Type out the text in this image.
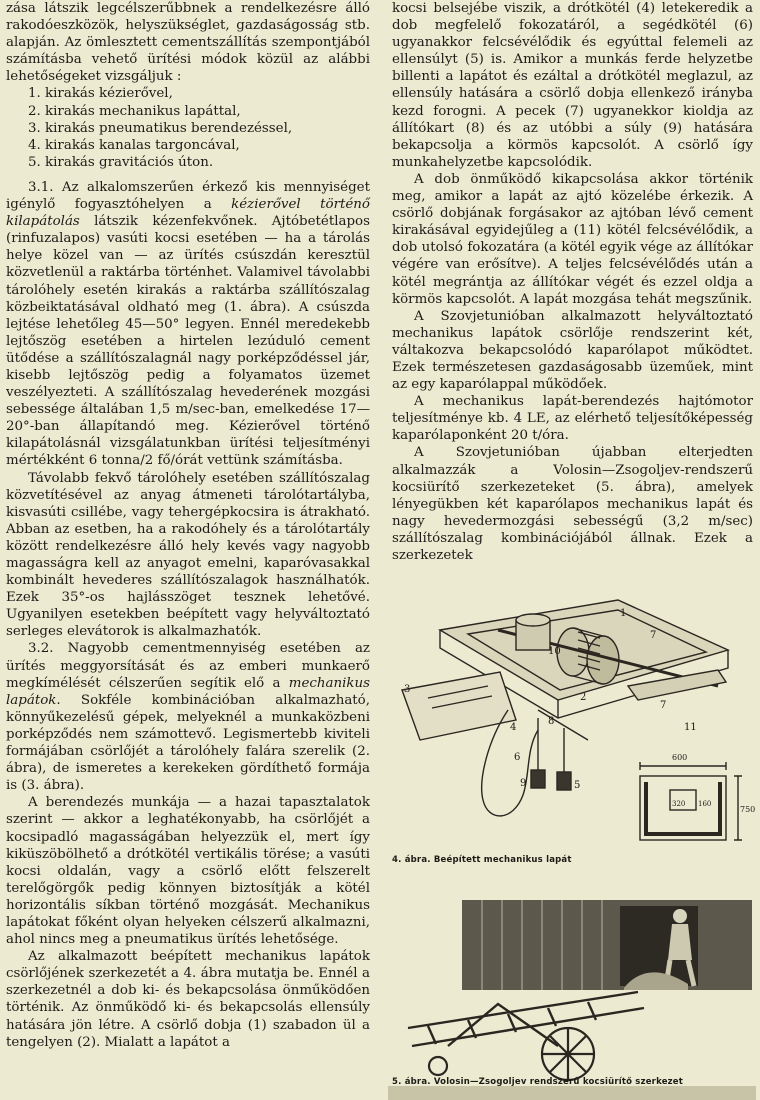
zása látszik legcélszerűbbnek a rendelkezésre álló rakodóeszközök, helyszükséglet, gazdaságosság stb. alapján. Az ömlesztett cementszállítás szempontjából számításba vehető ürítési módok közül az alábbi lehetőségeket vizsgáljuk :

1. kirakás kézierővel,
2. kirakás mechanikus lapáttal,
3. kirakás pneumatikus berendezéssel,
4. kirakás kanalas targoncával,
5. kirakás gravitációs úton.

3.1. Az alkalomszerűen érkező kis mennyiséget igénylő fogyasztóhelyen a kézierővel történő kilapátolás látszik kézenfekvőnek. Ajtóbetétlapos (rinfuzalapos) vasúti kocsi esetében — ha a tárolás helye közel van — az ürítés csúszdán keresztül közvetlenül a raktárba történhet. Valamivel távolabbi tárolóhely esetén kirakás a raktárba szállítószalag közbeiktatásával oldható meg (1. ábra). A csúszda lejtése lehetőleg 45—50° legyen. Ennél meredekebb lejtőszög esetében a hirtelen lezúduló cement ütődése a szállítószalagnál nagy porképződéssel jár, kisebb lejtőszög pedig a folyamatos üzemet veszélyezteti. A szállítószalag hevederének mozgási sebessége általában 1,5 m/sec-ban, emelkedése 17—20°-ban állapítandó meg. Kézierővel történő kilapátolásnál vizsgálatunkban ürítési teljesítményi mértékként 6 tonna/2 fő/órát vettünk számításba.

Távolabb fekvő tárolóhely esetében szállítószalag közvetítésével az anyag átmeneti tárolótartályba, kisvasúti csillébe, vagy tehergépkocsira is átrakható. Abban az esetben, ha a rakodóhely és a tárolótartály között rendelkezésre álló hely kevés vagy nagyobb magasságra kell az anyagot emelni, kaparóvasakkal kombinált hevederes szállítószalagok használhatók. Ezek 35°-os hajlásszöget tesznek lehetővé. Ugyanilyen esetekben beépített vagy helyváltoztató serleges elevátorok is alkalmazhatók.

3.2. Nagyobb cementmennyiség esetében az ürítés meggyorsítását és az emberi munkaerő megkímélését célszerűen segítik elő a mechanikus lapátok. Sokféle kombinációban alkalmazható, könnyűkezelésű gépek, melyeknél a munkaközbeni porképződés nem számottevő. Legismertebb kiviteli formájában csörlőjét a tárolóhely falára szerelik (2. ábra), de ismeretes a kerekeken gördíthető formája is (3. ábra).

A berendezés munkája — a hazai tapasztalatok szerint — akkor a leghatékonyabb, ha csörlőjét a kocsipadló magasságában helyezzük el, mert így kiküszöbölhető a drótkötél vertikális törése; a vasúti kocsi oldalán, vagy a csörlő előtt felszerelt terelőgörgők pedig könnyen biztosítják a kötél horizontális síkban történő mozgását. Mechanikus lapátokat főként olyan helyeken célszerű alkalmazni, ahol nincs meg a pneumatikus ürítés lehetősége.

Az alkalmazott beépített mechanikus lapátok csörlőjének szerkezetét a 4. ábra mutatja be. Ennél a szerkezetnél a dob ki- és bekapcsolása önműködően történik. Az önműködő ki- és bekapcsolás ellensúly hatására jön létre. A csörlő dobja (1) szabadon ül a tengelyen (2). Mialatt a lapátot a

kocsi belsejébe viszik, a drótkötél (4) letekeredik a dob megfelelő fokozatáról, a segédkötél (6) ugyanakkor felcsévélődik és egyúttal felemeli az ellensúlyt (5) is. Amikor a munkás ferde helyzetbe billenti a lapátot és ezáltal a drótkötél meglazul, az ellensúly hatására a csörlő dobja ellenkező irányba kezd forogni. A pecek (7) ugyanekkor kioldja az állítókart (8) és az utóbbi a súly (9) hatására bekapcsolja a körmös kapcsolót. A csörlő így munkahelyzetbe kapcsolódik.

A dob önműködő kikapcsolása akkor történik meg, amikor a lapát az ajtó közelébe érkezik. A csörlő dobjának forgásakor az ajtóban lévő cement kirakásával egyidejűleg a (11) kötél felcsévélődik, a dob utolsó fokozatára (a kötél egyik vége az állítókar végére van erősítve). A teljes felcsévélődés után a kötél megrántja az állítókar végét és ezzel oldja a körmös kapcsolót. A lapát mozgása tehát megszűnik.

A Szovjetunióban alkalmazott helyváltoztató mechanikus lapátok csörlője rendszerint két, váltakozva bekapcsolódó kaparólapot működtet. Ezek természetesen gazdaságosabb üzeműek, mint az egy kaparólappal működőek.

A mechanikus lapát-berendezés hajtómotor teljesítménye kb. 4 LE, az elérhető teljesítőképesség kaparólaponként 20 t/óra.

A Szovjetunióban újabban elterjedten alkalmazzák a Volosin—Zsogoljev-rendszerű kocsiürítő szerkezeteket (5. ábra), amelyek lényegükben két kaparólapos mechanikus lapát és nagy hevedermozgási sebességű (3,2 m/sec) szállítószalag kombinációjából állnak. Ezek a szerkezetek

1
2
3
4
5
6
7
7
8
9
10
11
600
750
320 160
4. ábra. Beépített mechanikus lapát
5. ábra. Volosin—Zsogoljev rendszerű kocsiürítő szerkezet
